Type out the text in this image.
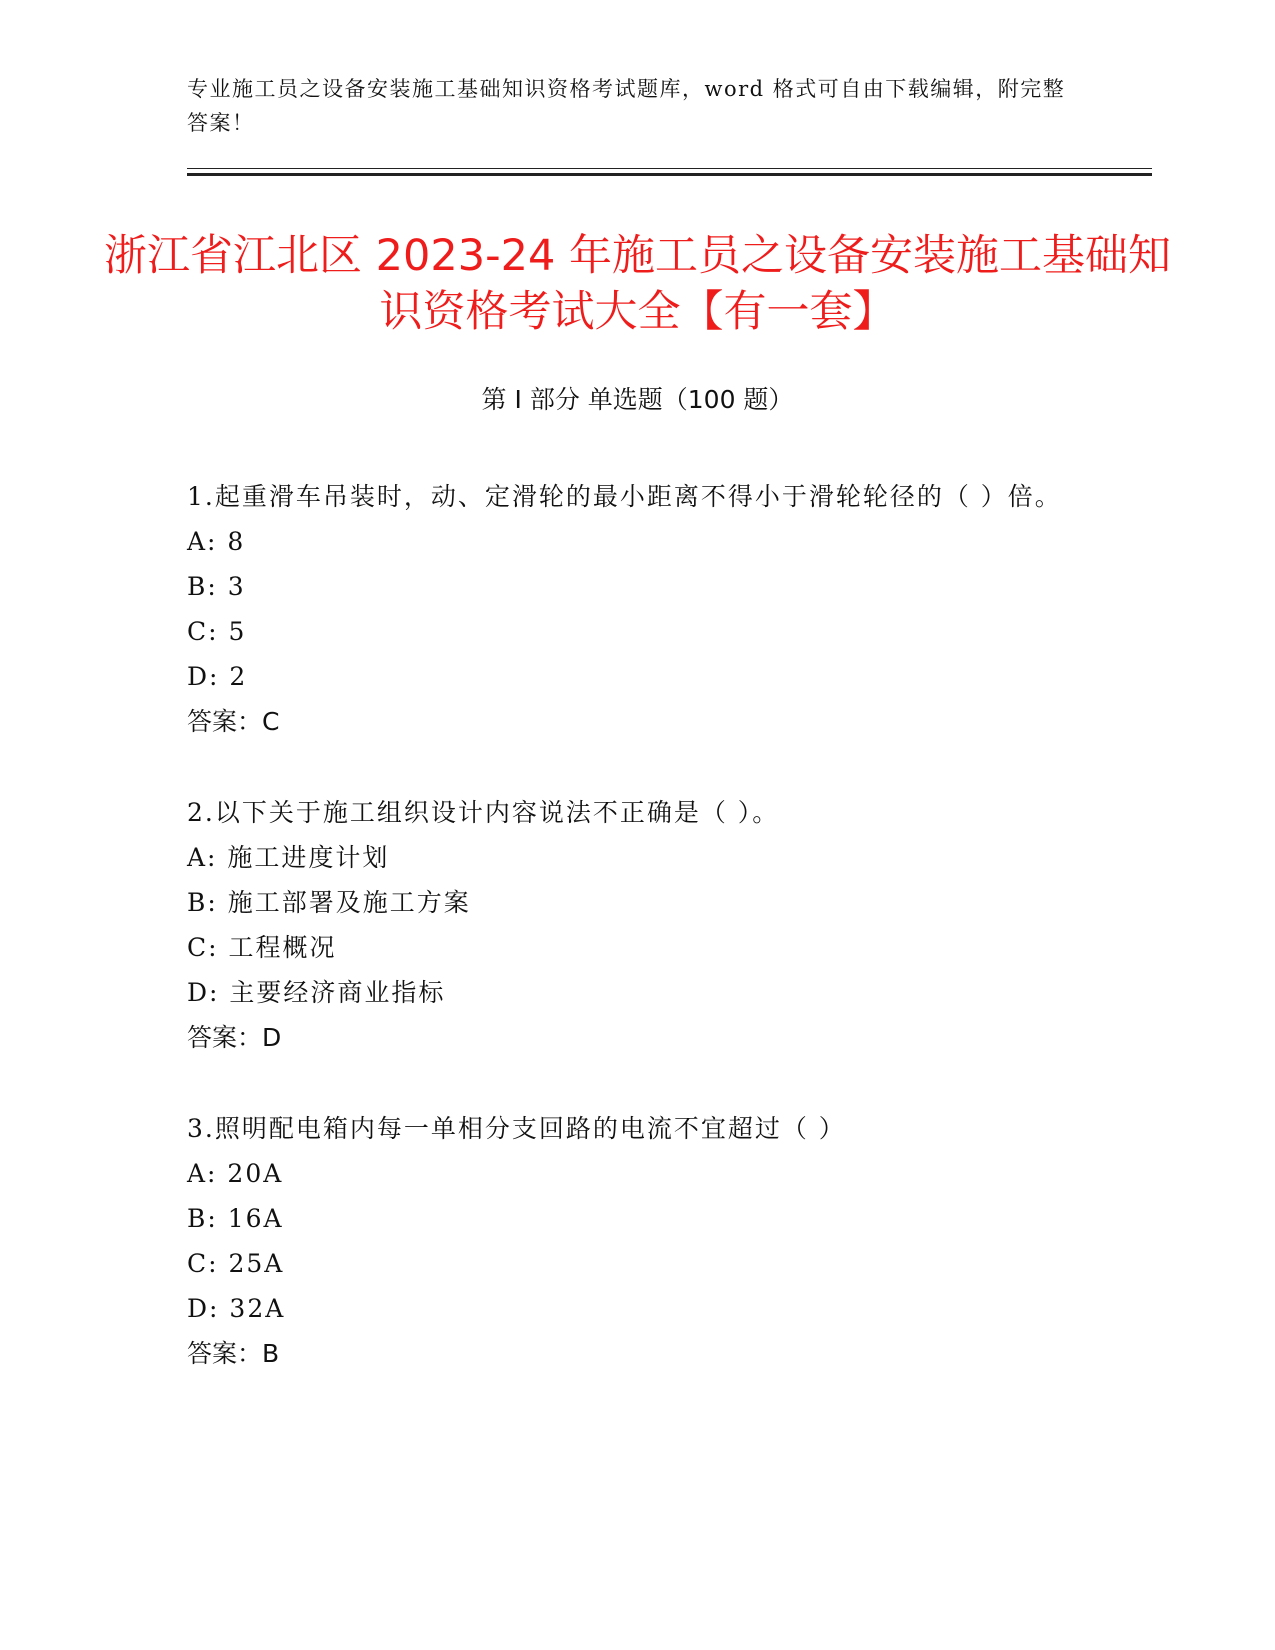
专业施工员之设备安装施工基础知识资格考试题库，word 格式可自由下载编辑，附完整答案！
浙江省江北区 2023-24 年施工员之设备安装施工基础知识资格考试大全【有一套】
第 I 部分 单选题（100 题）
1.起重滑车吊装时，动、定滑轮的最小距离不得小于滑轮轮径的（ ）倍。
A: 8
B: 3
C: 5
D: 2
答案：C
2.以下关于施工组织设计内容说法不正确是（ ）。
A: 施工进度计划
B: 施工部署及施工方案
C: 工程概况
D: 主要经济商业指标
答案：D
3.照明配电箱内每一单相分支回路的电流不宜超过（ ）
A: 20A
B: 16A
C: 25A
D: 32A
答案：B
